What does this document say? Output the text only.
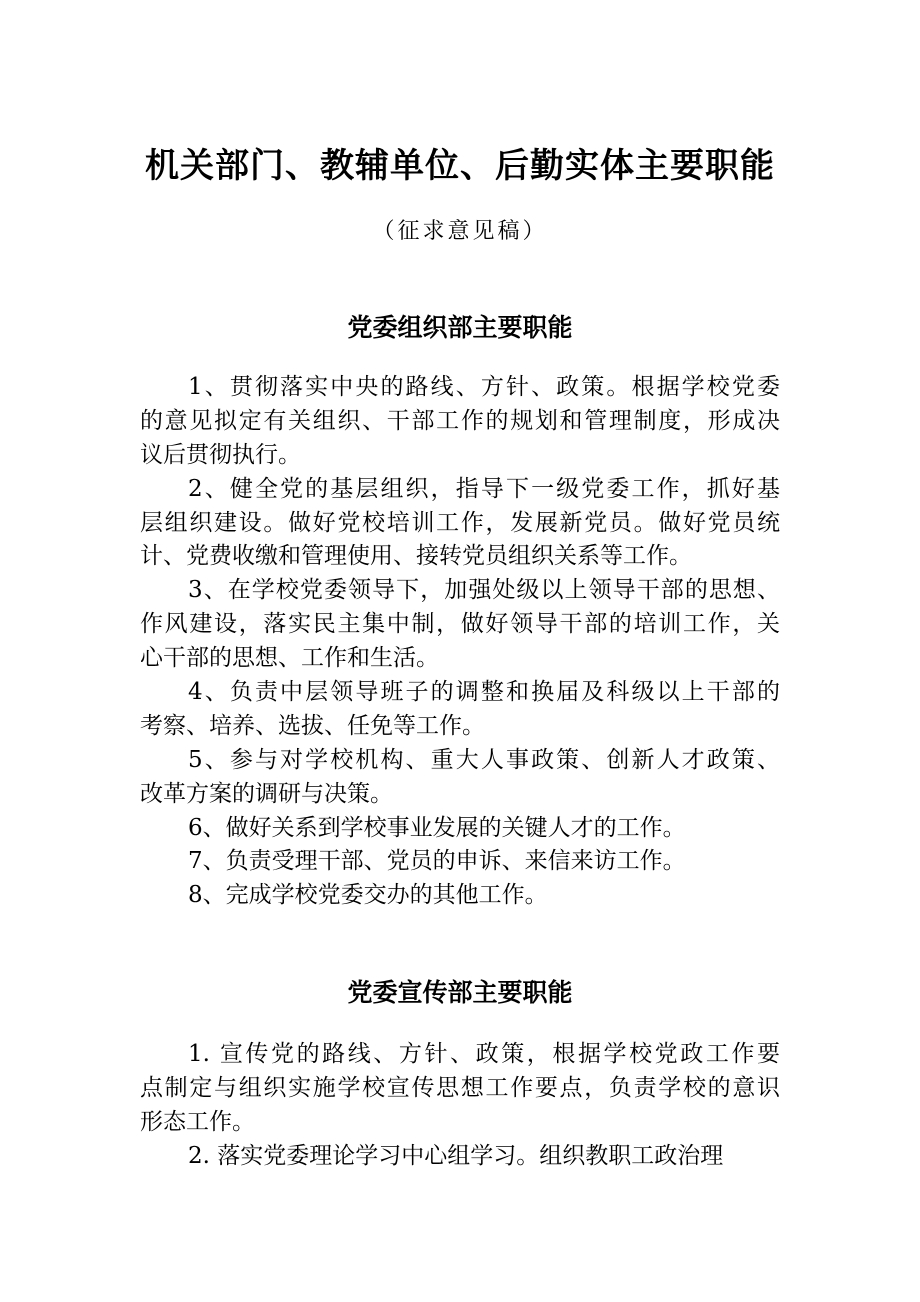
机关部门、教辅单位、后勤实体主要职能
（征求意见稿）
党委组织部主要职能
1、贯彻落实中央的路线、方针、政策。根据学校党委
的意见拟定有关组织、干部工作的规划和管理制度，形成决
议后贯彻执行。
2、健全党的基层组织，指导下一级党委工作，抓好基
层组织建设。做好党校培训工作，发展新党员。做好党员统
计、党费收缴和管理使用、接转党员组织关系等工作。
3、在学校党委领导下，加强处级以上领导干部的思想、
作风建设，落实民主集中制，做好领导干部的培训工作，关
心干部的思想、工作和生活。
4、负责中层领导班子的调整和换届及科级以上干部的
考察、培养、选拔、任免等工作。
5、参与对学校机构、重大人事政策、创新人才政策、
改革方案的调研与决策。
6、做好关系到学校事业发展的关键人才的工作。
7、负责受理干部、党员的申诉、来信来访工作。
8、完成学校党委交办的其他工作。
党委宣传部主要职能
1. 宣传党的路线、方针、政策，根据学校党政工作要
点制定与组织实施学校宣传思想工作要点，负责学校的意识
形态工作。
2. 落实党委理论学习中心组学习。组织教职工政治理
